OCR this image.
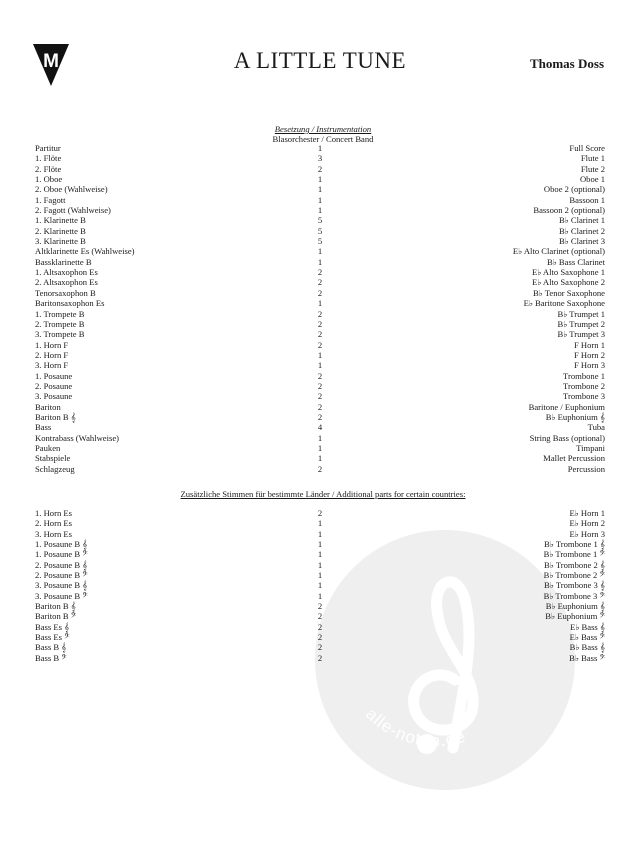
M	A LITTLE TUNE	Thomas Doss
alle-noten.de
Besetzung / Instrumentation
Blasorchester / Concert Band
Partitur	1	Full Score
1. Flöte	3	Flute 1
2. Flöte	2	Flute 2
1. Oboe	1	Oboe 1
2. Oboe (Wahlweise)	1	Oboe 2 (optional)
1. Fagott	1	Bassoon 1
2. Fagott (Wahlweise)	1	Bassoon 2 (optional)
1. Klarinette B	5	B♭ Clarinet 1
2. Klarinette B	5	B♭ Clarinet 2
3. Klarinette B	5	B♭ Clarinet 3
Altklarinette Es (Wahlweise)	1	E♭ Alto Clarinet (optional)
Bassklarinette B	1	B♭ Bass Clarinet
1. Altsaxophon Es	2	E♭ Alto Saxophone 1
2. Altsaxophon Es	2	E♭ Alto Saxophone 2
Tenorsaxophon B	2	B♭ Tenor Saxophone
Baritonsaxophon Es	1	E♭ Baritone Saxophone
1. Trompete B	2	B♭ Trumpet 1
2. Trompete B	2	B♭ Trumpet 2
3. Trompete B	2	B♭ Trumpet 3
1. Horn F	2	F Horn 1
2. Horn F	1	F Horn 2
3. Horn F	1	F Horn 3
1. Posaune	2	Trombone 1
2. Posaune	2	Trombone 2
3. Posaune	2	Trombone 3
Bariton	2	Baritone / Euphonium
Bariton B 𝄞	2	B♭ Euphonium 𝄞
Bass	4	Tuba
Kontrabass (Wahlweise)	1	String Bass (optional)
Pauken	1	Timpani
Stabspiele	1	Mallet Percussion
Schlagzeug	2	Percussion
Zusätzliche Stimmen für bestimmte Länder / Additional parts for certain countries:
1. Horn Es	2	E♭ Horn 1
2. Horn Es	1	E♭ Horn 2
3. Horn Es	1	E♭ Horn 3
1. Posaune B 𝄞	1	B♭ Trombone 1 𝄞
1. Posaune B 𝄢	1	B♭ Trombone 1 𝄢
2. Posaune B 𝄞	1	B♭ Trombone 2 𝄞
2. Posaune B 𝄢	1	B♭ Trombone 2 𝄢
3. Posaune B 𝄞	1	B♭ Trombone 3 𝄞
3. Posaune B 𝄢	1	B♭ Trombone 3 𝄢
Bariton B 𝄞	2	B♭ Euphonium 𝄞
Bariton B 𝄢	2	B♭ Euphonium 𝄢
Bass Es 𝄞	2	E♭ Bass 𝄞
Bass Es 𝄢	2	E♭ Bass 𝄢
Bass B 𝄞	2	B♭ Bass 𝄞
Bass B 𝄢	2	B♭ Bass 𝄢
